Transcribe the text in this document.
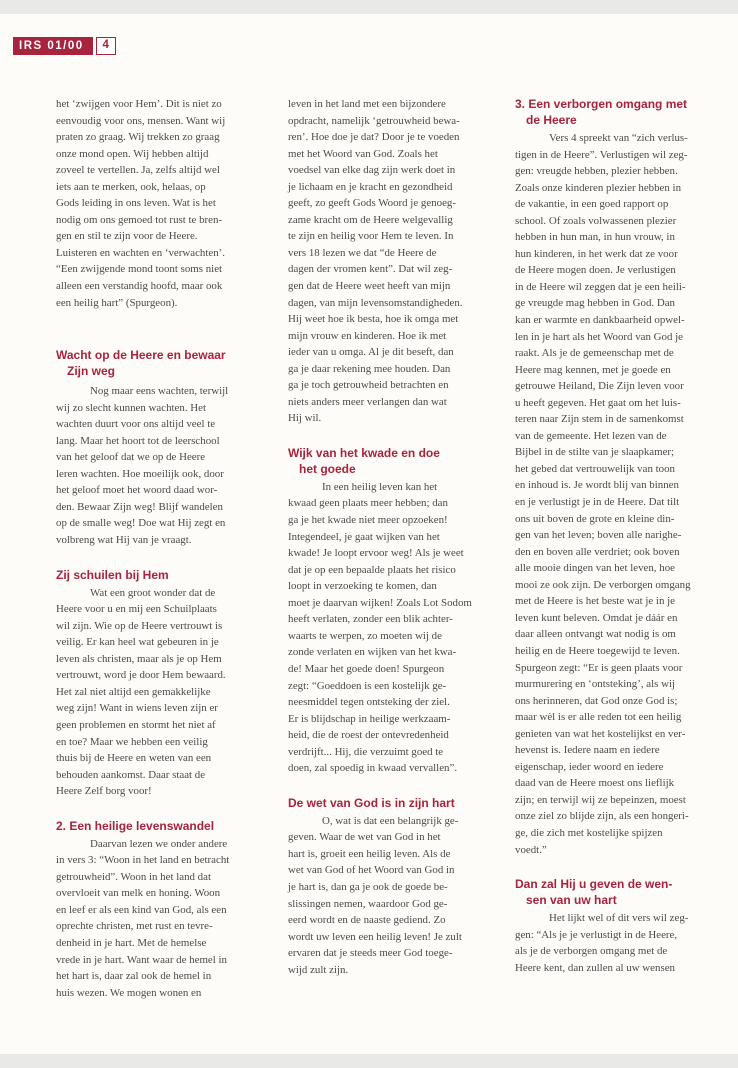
IRS 01/00	4
het ‘zwijgen voor Hem’. Dit is niet zo
eenvoudig voor ons, mensen. Want wij
praten zo graag. Wij trekken zo graag
onze mond open. Wij hebben altijd
zoveel te vertellen. Ja, zelfs altijd wel
iets aan te merken, ook, helaas, op
Gods leiding in ons leven. Wat is het
nodig om ons gemoed tot rust te bren-
gen en stil te zijn voor de Heere.
Luisteren en wachten en ‘verwachten’.
“Een zwijgende mond toont soms niet
alleen een verstandig hoofd, maar ook
een heilig hart” (Spurgeon).
Wacht op de Heere en bewaar
Zijn weg
Nog maar eens wachten, terwijl
wij zo slecht kunnen wachten. Het
wachten duurt voor ons altijd veel te
lang. Maar het hoort tot de leerschool
van het geloof dat we op de Heere
leren wachten. Hoe moeilijk ook, door
het geloof moet het woord daad wor-
den. Bewaar Zijn weg! Blijf wandelen
op de smalle weg! Doe wat Hij zegt en
volbreng wat Hij van je vraagt.
Zij schuilen bij Hem
Wat een groot wonder dat de
Heere voor u en mij een Schuilplaats
wil zijn. Wie op de Heere vertrouwt is
veilig. Er kan heel wat gebeuren in je
leven als christen, maar als je op Hem
vertrouwt, word je door Hem bewaard.
Het zal niet altijd een gemakkelijke
weg zijn! Want in wiens leven zijn er
geen problemen en stormt het niet af
en toe? Maar we hebben een veilig
thuis bij de Heere en weten van een
behouden aankomst. Daar staat de
Heere Zelf borg voor!
2. Een heilige levenswandel
Daarvan lezen we onder andere
in vers 3: “Woon in het land en betracht
getrouwheid”. Woon in het land dat
overvloeit van melk en honing. Woon
en leef er als een kind van God, als een
oprechte christen, met rust en tevre-
denheid in je hart. Met de hemelse
vrede in je hart. Want waar de hemel in
het hart is, daar zal ook de hemel in
huis wezen. We mogen wonen en
leven in het land met een bijzondere
opdracht, namelijk ‘getrouwheid bewa-
ren’. Hoe doe je dat? Door je te voeden
met het Woord van God. Zoals het
voedsel van elke dag zijn werk doet in
je lichaam en je kracht en gezondheid
geeft, zo geeft Gods Woord je genoeg-
zame kracht om de Heere welgevallig
te zijn en heilig voor Hem te leven. In
vers 18 lezen we dat “de Heere de
dagen der vromen kent”. Dat wil zeg-
gen dat de Heere weet heeft van mijn
dagen, van mijn levensomstandigheden.
Hij weet hoe ik besta, hoe ik omga met
mijn vrouw en kinderen. Hoe ik met
ieder van u omga. Al je dit beseft, dan
ga je daar rekening mee houden. Dan
ga je toch getrouwheid betrachten en
niets anders meer verlangen dan wat
Hij wil.
Wijk van het kwade en doe
het goede
In een heilig leven kan het
kwaad geen plaats meer hebben; dan
ga je het kwade niet meer opzoeken!
Integendeel, je gaat wijken van het
kwade! Je loopt ervoor weg! Als je weet
dat je op een bepaalde plaats het risico
loopt in verzoeking te komen, dan
moet je daarvan wijken! Zoals Lot Sodom
heeft verlaten, zonder een blik achter-
waarts te werpen, zo moeten wij de
zonde verlaten en wijken van het kwa-
de! Maar het goede doen! Spurgeon
zegt: “Goeddoen is een kostelijk ge-
neesmiddel tegen ontsteking der ziel.
Er is blijdschap in heilige werkzaam-
heid, die de roest der ontevredenheid
verdrijft... Hij, die verzuimt goed te
doen, zal spoedig in kwaad vervallen”.
De wet van God is in zijn hart
O, wat is dat een belangrijk ge-
geven. Waar de wet van God in het
hart is, groeit een heilig leven. Als de
wet van God of het Woord van God in
je hart is, dan ga je ook de goede be-
slissingen nemen, waardoor God ge-
eerd wordt en de naaste gediend. Zo
wordt uw leven een heilig leven! Je zult
ervaren dat je steeds meer God toege-
wijd zult zijn.
3. Een verborgen omgang met
de Heere
Vers 4 spreekt van “zich verlus-
tigen in de Heere”. Verlustigen wil zeg-
gen: vreugde hebben, plezier hebben.
Zoals onze kinderen plezier hebben in
de vakantie, in een goed rapport op
school. Of zoals volwassenen plezier
hebben in hun man, in hun vrouw, in
hun kinderen, in het werk dat ze voor
de Heere mogen doen. Je verlustigen
in de Heere wil zeggen dat je een heili-
ge vreugde mag hebben in God. Dan
kan er warmte en dankbaarheid opwel-
len in je hart als het Woord van God je
raakt. Als je de gemeenschap met de
Heere mag kennen, met je goede en
getrouwe Heiland, Die Zijn leven voor
u heeft gegeven. Het gaat om het luis-
teren naar Zijn stem in de samenkomst
van de gemeente. Het lezen van de
Bijbel in de stilte van je slaapkamer;
het gebed dat vertrouwelijk van toon
en inhoud is. Je wordt blij van binnen
en je verlustigt je in de Heere. Dat tilt
ons uit boven de grote en kleine din-
gen van het leven; boven alle narighe-
den en boven alle verdriet; ook boven
alle mooie dingen van het leven, hoe
mooi ze ook zijn. De verborgen omgang
met de Heere is het beste wat je in je
leven kunt beleven. Omdat je dáár en
daar alleen ontvangt wat nodig is om
heilig en de Heere toegewijd te leven.
Spurgeon zegt: “Er is geen plaats voor
murmurering en ‘ontsteking’, als wij
ons herinneren, dat God onze God is;
maar wèl is er alle reden tot een heilig
genieten van wat het kostelijkst en ver-
hevenst is. Iedere naam en iedere
eigenschap, ieder woord en iedere
daad van de Heere moest ons lieflijk
zijn; en terwijl wij ze bepeinzen, moest
onze ziel zo blijde zijn, als een hongeri-
ge, die zich met kostelijke spijzen
voedt.”
Dan zal Hij u geven de wen-
sen van uw hart
Het lijkt wel of dit vers wil zeg-
gen: “Als je je verlustigt in de Heere,
als je de verborgen omgang met de
Heere kent, dan zullen al uw wensen
